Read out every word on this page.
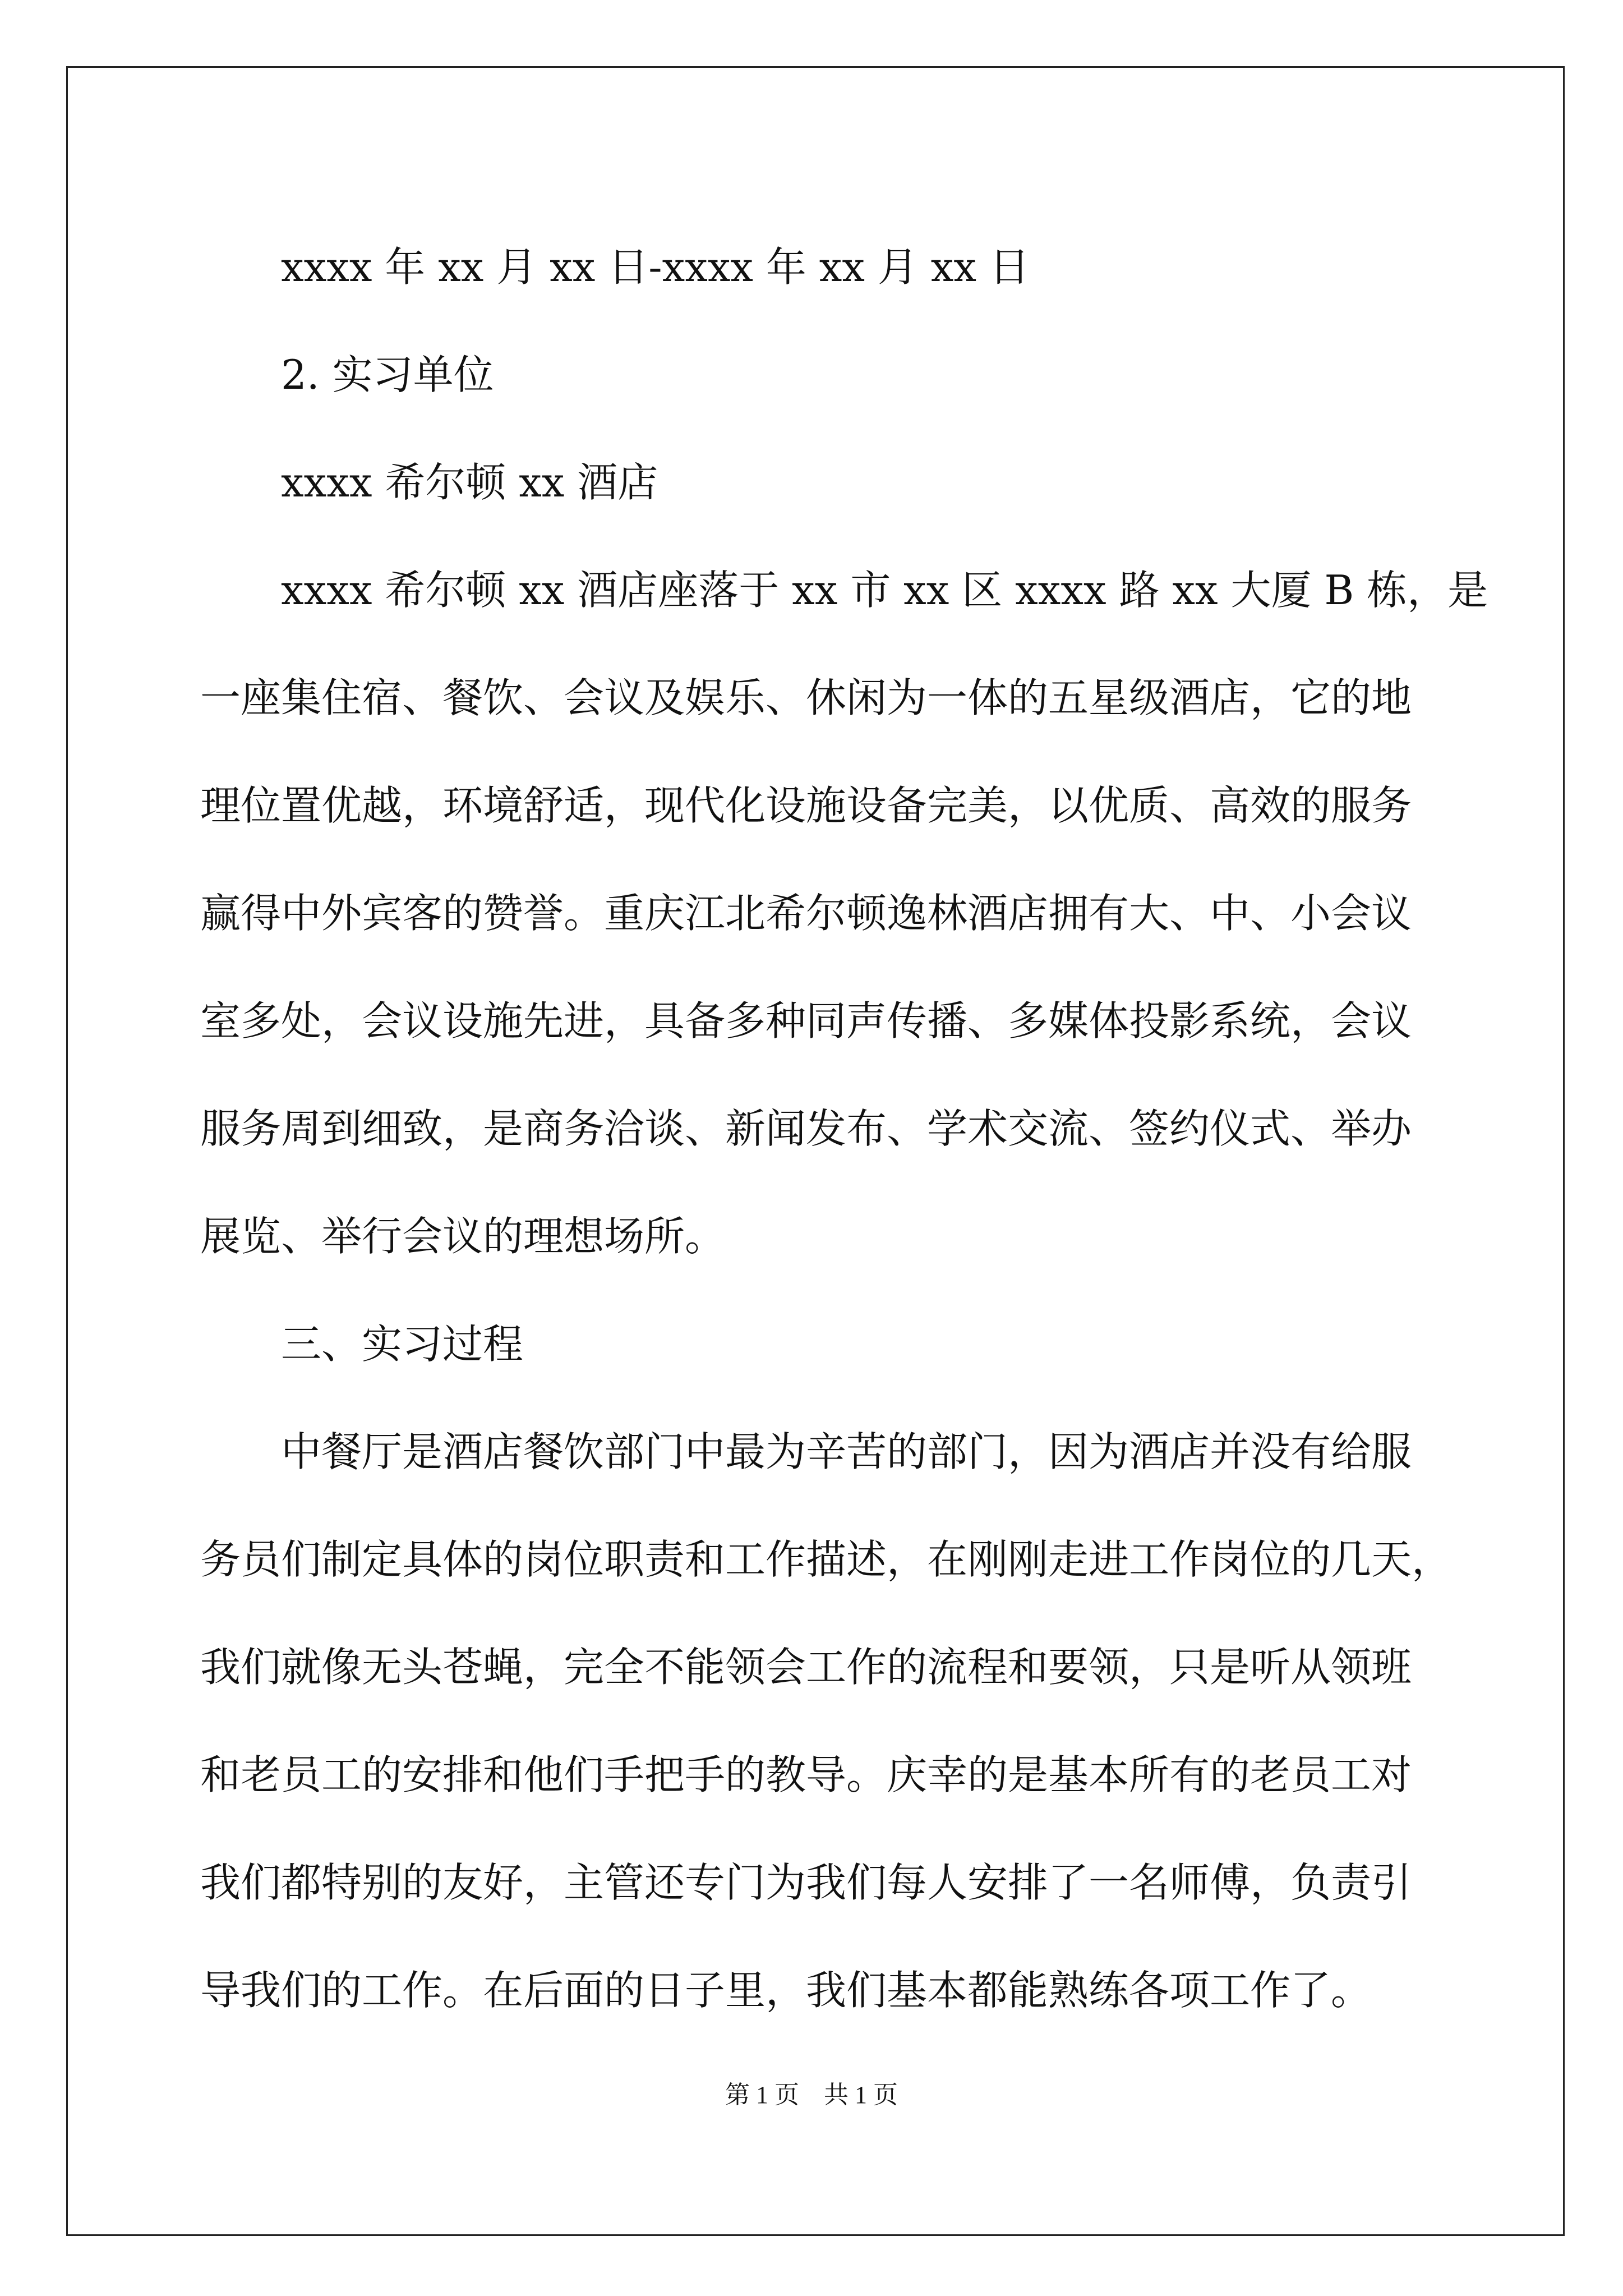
xxxx 年 xx 月 xx 日-xxxx 年 xx 月 xx 日
2. 实习单位
xxxx 希尔顿 xx 酒店
xxxx 希尔顿 xx 酒店座落于 xx 市 xx 区 xxxx 路 xx 大厦 B 栋，是
一座集住宿、餐饮、会议及娱乐、休闲为一体的五星级酒店，它的地
理位置优越，环境舒适，现代化设施设备完美，以优质、高效的服务
赢得中外宾客的赞誉。重庆江北希尔顿逸林酒店拥有大、中、小会议
室多处，会议设施先进，具备多种同声传播、多媒体投影系统，会议
服务周到细致，是商务洽谈、新闻发布、学术交流、签约仪式、举办
展览、举行会议的理想场所。
三、实习过程
中餐厅是酒店餐饮部门中最为辛苦的部门，因为酒店并没有给服
务员们制定具体的岗位职责和工作描述，在刚刚走进工作岗位的几天，
我们就像无头苍蝇，完全不能领会工作的流程和要领，只是听从领班
和老员工的安排和他们手把手的教导。庆幸的是基本所有的老员工对
我们都特别的友好，主管还专门为我们每人安排了一名师傅，负责引
导我们的工作。在后面的日子里，我们基本都能熟练各项工作了。
第 1 页　共 1 页
